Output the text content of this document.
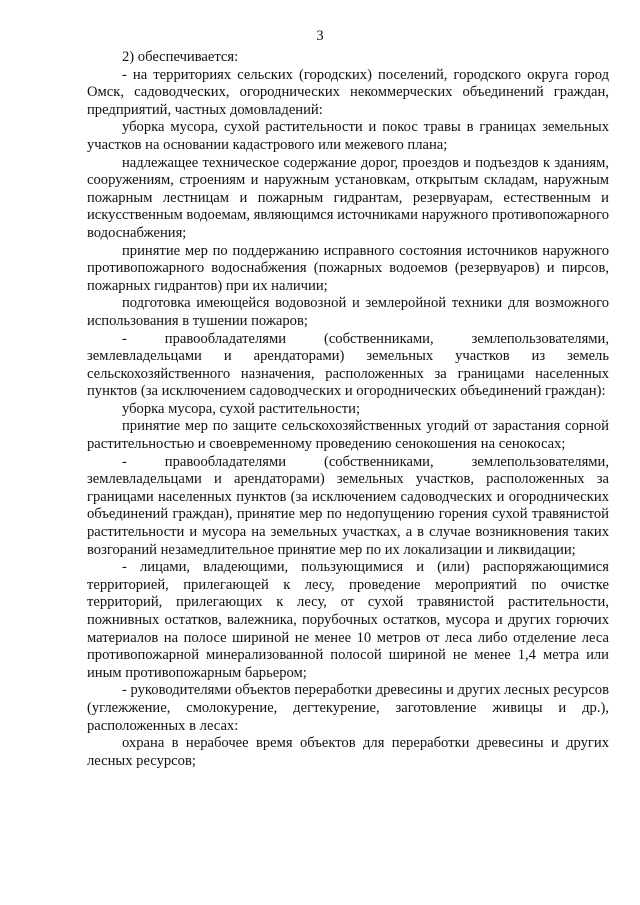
3

2) обеспечивается:

- на территориях сельских (городских) поселений, городского округа город Омск, садоводческих, огороднических некоммерческих объединений граждан, предприятий, частных домовладений:

уборка мусора, сухой растительности и покос травы в границах земельных участков на основании кадастрового или межевого плана;

надлежащее техническое содержание дорог, проездов и подъездов к зданиям, сооружениям, строениям и наружным установкам, открытым складам, наружным пожарным лестницам и пожарным гидрантам, резервуарам, естественным и искусственным водоемам, являющимся источниками наружного противопожарного водоснабжения;

принятие мер по поддержанию исправного состояния источников наружного противопожарного водоснабжения (пожарных водоемов (резервуаров) и пирсов, пожарных гидрантов) при их наличии;

подготовка имеющейся водовозной и землеройной техники для возможного использования в тушении пожаров;

- правообладателями (собственниками, землепользователями, землевладельцами и арендаторами) земельных участков из земель сельскохозяйственного назначения, расположенных за границами населенных пунктов (за исключением садоводческих и огороднических объединений граждан):

уборка мусора, сухой растительности;

принятие мер по защите сельскохозяйственных угодий от зарастания сорной растительностью и своевременному проведению сенокошения на сенокосах;

- правообладателями (собственниками, землепользователями, землевладельцами и арендаторами) земельных участков, расположенных за границами населенных пунктов (за исключением садоводческих и огороднических объединений граждан), принятие мер по недопущению горения сухой травянистой растительности и мусора на земельных участках, а в случае возникновения таких возгораний незамедлительное принятие мер по их локализации и ликвидации;

- лицами, владеющими, пользующимися и (или) распоряжающимися территорией, прилегающей к лесу, проведение мероприятий по очистке территорий, прилегающих к лесу, от сухой травянистой растительности, пожнивных остатков, валежника, порубочных остатков, мусора и других горючих материалов на полосе шириной не менее 10 метров от леса либо отделение леса противопожарной минерализованной полосой шириной не менее 1,4 метра или иным противопожарным барьером;

- руководителями объектов переработки древесины и других лесных ресурсов (углежжение, смолокурение, дегтекурение, заготовление живицы и др.), расположенных в лесах:

охрана в нерабочее время объектов для переработки древесины и других лесных ресурсов;
